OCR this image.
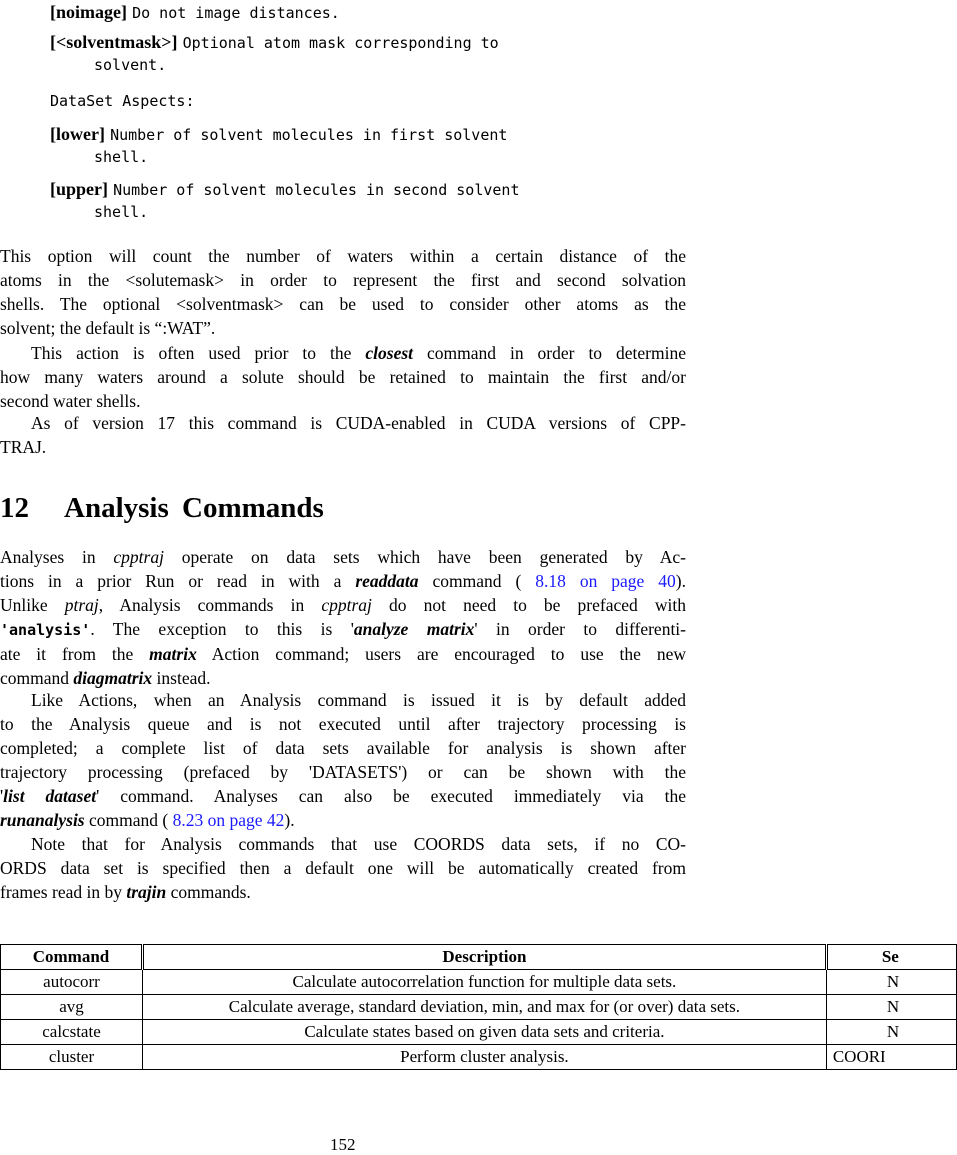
[noimage] Do not image distances.
[<solventmask>] Optional atom mask corresponding to
solvent.
DataSet Aspects:
[lower] Number of solvent molecules in first solvent
shell.
[upper] Number of solvent molecules in second solvent
shell.
This option will count the number of waters within a certain distance of the
atoms in the <solutemask> in order to represent the first and second solvation
shells. The optional <solventmask> can be used to consider other atoms as the
solvent; the default is “:WAT”.
This action is often used prior to the closest command in order to determine
how many waters around a solute should be retained to maintain the first and/or
second water shells.
As of version 17 this command is CUDA-enabled in CUDA versions of CPP-
TRAJ.
12 Analysis Commands
Analyses in cpptraj operate on data sets which have been generated by Ac-
tions in a prior Run or read in with a readdata command ( 8.18 on page 40).
Unlike ptraj, Analysis commands in cpptraj do not need to be prefaced with
'analysis'. The exception to this is 'analyze matrix' in order to differenti-
ate it from the matrix Action command; users are encouraged to use the new
command diagmatrix instead.
Like Actions, when an Analysis command is issued it is by default added
to the Analysis queue and is not executed until after trajectory processing is
completed; a complete list of data sets available for analysis is shown after
trajectory processing (prefaced by 'DATASETS') or can be shown with the
'list dataset' command. Analyses can also be executed immediately via the
runanalysis command ( 8.23 on page 42).
Note that for Analysis commands that use COORDS data sets, if no CO-
ORDS data set is specified then a default one will be automatically created from
frames read in by trajin commands.
Command	Description	Se
autocorr	Calculate autocorrelation function for multiple data sets.	N
avg	Calculate average, standard deviation, min, and max for (or over) data sets.	N
calcstate	Calculate states based on given data sets and criteria.	N
cluster	Perform cluster analysis.	COORI
152
